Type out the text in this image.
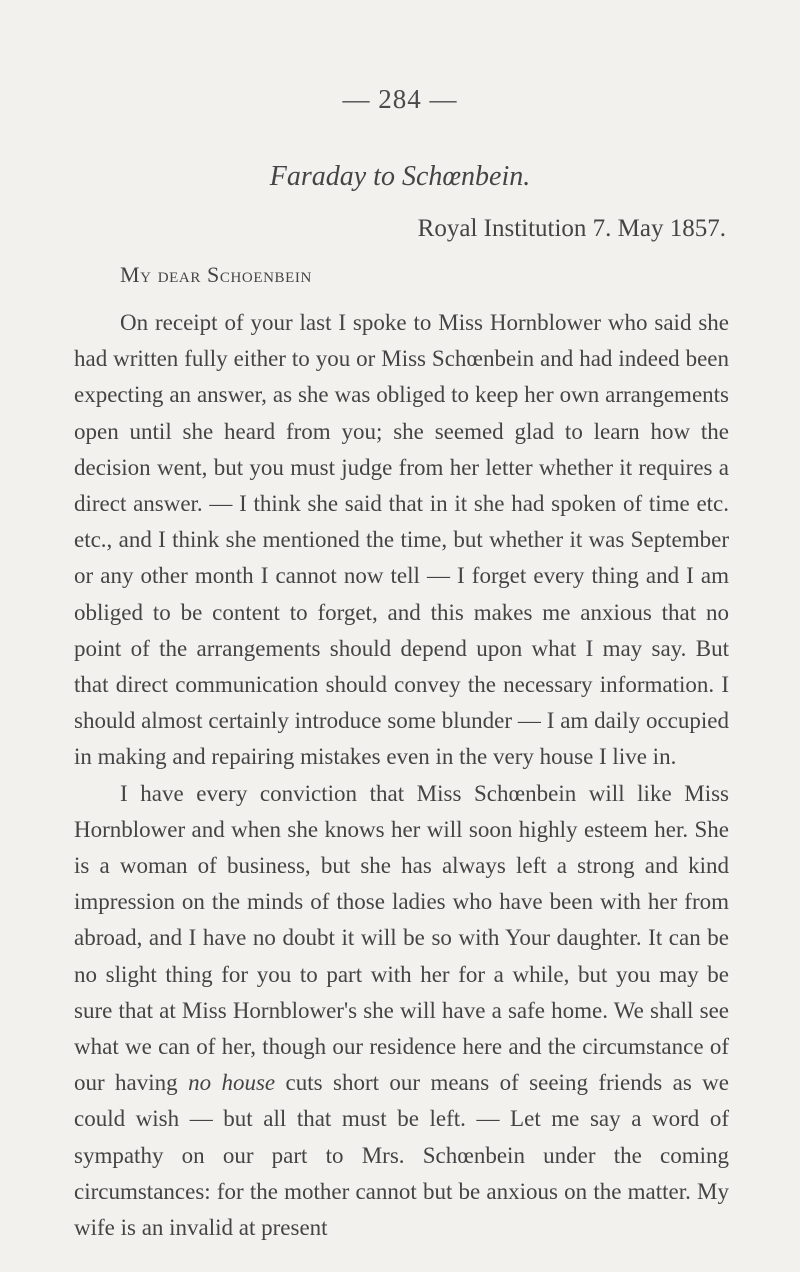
— 284 —
Faraday to Schœnbein.
Royal Institution 7. May 1857.
My dear Schoenbein

On receipt of your last I spoke to Miss Hornblower who said she had written fully either to you or Miss Schœnbein and had indeed been expecting an answer, as she was obliged to keep her own arrangements open until she heard from you; she seemed glad to learn how the decision went, but you must judge from her letter whether it requires a direct answer. — I think she said that in it she had spoken of time etc. etc., and I think she mentioned the time, but whether it was September or any other month I cannot now tell — I forget every thing and I am obliged to be content to forget, and this makes me anxious that no point of the arrangements should depend upon what I may say. But that direct communication should convey the necessary information. I should almost certainly introduce some blunder — I am daily occupied in making and repairing mistakes even in the very house I live in.

I have every conviction that Miss Schœnbein will like Miss Hornblower and when she knows her will soon highly esteem her. She is a woman of business, but she has always left a strong and kind impression on the minds of those ladies who have been with her from abroad, and I have no doubt it will be so with Your daughter. It can be no slight thing for you to part with her for a while, but you may be sure that at Miss Hornblower's she will have a safe home. We shall see what we can of her, though our residence here and the circumstance of our having no house cuts short our means of seeing friends as we could wish — but all that must be left. — Let me say a word of sympathy on our part to Mrs. Schœnbein under the coming circumstances: for the mother cannot but be anxious on the matter. My wife is an invalid at present
